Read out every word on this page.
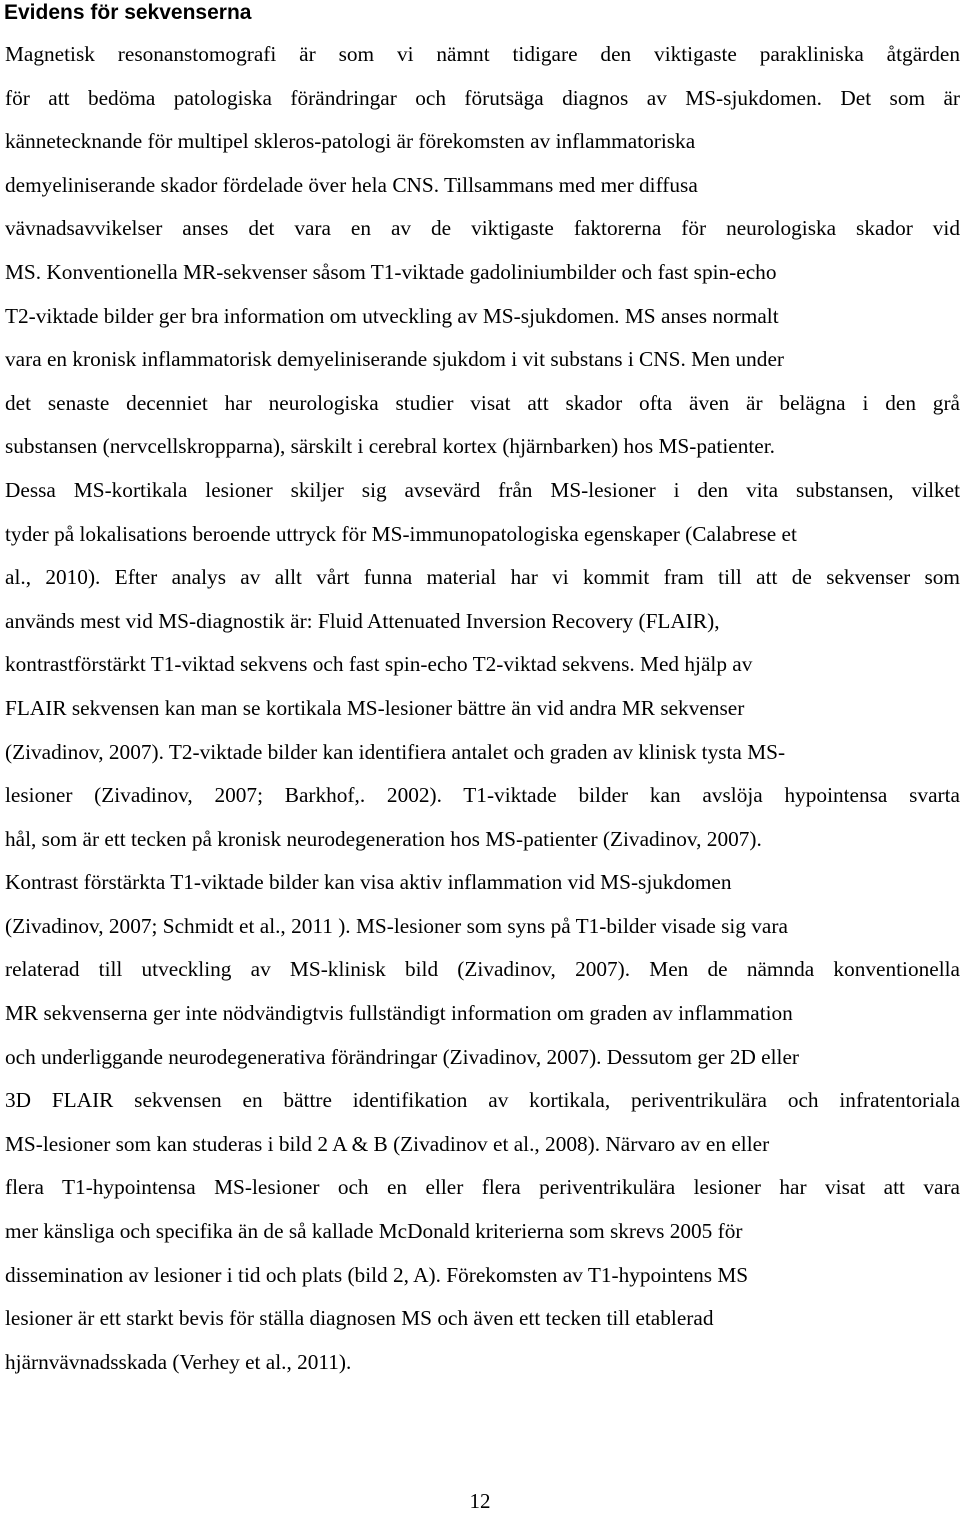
Evidens för sekvenserna
Magnetisk resonanstomografi är som vi nämnt tidigare den viktigaste parakliniska åtgärden
för att bedöma patologiska förändringar och förutsäga diagnos av MS-sjukdomen. Det som är
kännetecknande för multipel skleros-patologi är förekomsten av inflammatoriska
demyeliniserande skador fördelade över hela CNS. Tillsammans med mer diffusa
vävnadsavvikelser anses det vara en av de viktigaste faktorerna för neurologiska skador vid
MS. Konventionella MR-sekvenser såsom T1-viktade gadoliniumbilder och fast spin-echo
T2-viktade bilder ger bra information om utveckling av MS-sjukdomen. MS anses normalt
vara en kronisk inflammatorisk demyeliniserande sjukdom i vit substans i CNS. Men under
det senaste decenniet har neurologiska studier visat att skador ofta även är belägna i den grå
substansen (nervcellskropparna), särskilt i cerebral kortex (hjärnbarken) hos MS-patienter.
Dessa MS-kortikala lesioner skiljer sig avsevärd från MS-lesioner i den vita substansen, vilket
tyder på lokalisations beroende uttryck för MS-immunopatologiska egenskaper (Calabrese et
al., 2010). Efter analys av allt vårt funna material har vi kommit fram till att de sekvenser som
används mest vid MS-diagnostik är: Fluid Attenuated Inversion Recovery (FLAIR),
kontrastförstärkt T1-viktad sekvens och fast spin-echo T2-viktad sekvens. Med hjälp av
FLAIR sekvensen kan man se kortikala MS-lesioner bättre än vid andra MR sekvenser
(Zivadinov, 2007). T2-viktade bilder kan identifiera antalet och graden av klinisk tysta MS-
lesioner (Zivadinov, 2007; Barkhof,. 2002). T1-viktade bilder kan avslöja hypointensa svarta
hål, som är ett tecken på kronisk neurodegeneration hos MS-patienter (Zivadinov, 2007).
Kontrast förstärkta T1-viktade bilder kan visa aktiv inflammation vid MS-sjukdomen
(Zivadinov, 2007; Schmidt et al., 2011 ). MS-lesioner som syns på T1-bilder visade sig vara
relaterad till utveckling av MS-klinisk bild (Zivadinov, 2007). Men de nämnda konventionella
MR sekvenserna ger inte nödvändigtvis fullständigt information om graden av inflammation
och underliggande neurodegenerativa förändringar (Zivadinov, 2007). Dessutom ger 2D eller
3D FLAIR sekvensen en bättre identifikation av kortikala, periventrikulära och infratentoriala
MS-lesioner som kan studeras i bild 2 A & B (Zivadinov et al., 2008). Närvaro av en eller
flera T1-hypointensa MS-lesioner och en eller flera periventrikulära lesioner har visat att vara
mer känsliga och specifika än de så kallade McDonald kriterierna som skrevs 2005 för
dissemination av lesioner i tid och plats (bild 2, A). Förekomsten av T1-hypointens MS
lesioner är ett starkt bevis för ställa diagnosen MS och även ett tecken till etablerad
hjärnvävnadsskada (Verhey et al., 2011).

12
